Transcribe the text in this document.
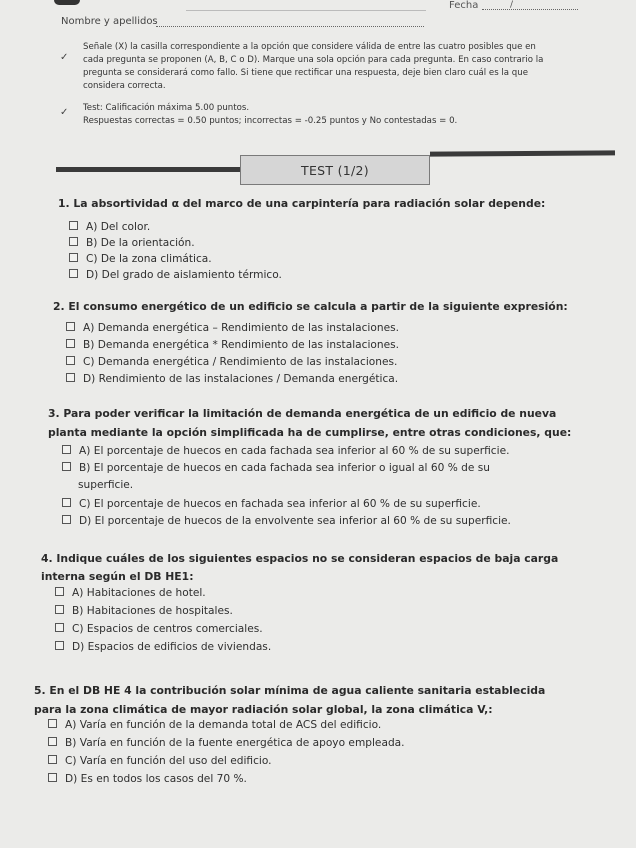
Nombre y apellidos
Fecha	/
✓
Señale (X) la casilla correspondiente a la opción que considere válida de entre las cuatro posibles que en
cada pregunta se proponen (A, B, C o D). Marque una sola opción para cada pregunta. En caso contrario la
pregunta se considerará como fallo. Si tiene que rectificar una respuesta, deje bien claro cuál es la que
considera correcta.
✓ Test: Calificación máxima 5.00 puntos.
Respuestas correctas = 0.50 puntos; incorrectas = -0.25 puntos y No contestadas = 0.
TEST (1/2)
1. La absortividad α del marco de una carpintería para radiación solar depende:
A) Del color.
B) De la orientación.
C) De la zona climática.
D) Del grado de aislamiento térmico.
2. El consumo energético de un edificio se calcula a partir de la siguiente expresión:
A) Demanda energética – Rendimiento de las instalaciones.
B) Demanda energética * Rendimiento de las instalaciones.
C) Demanda energética / Rendimiento de las instalaciones.
D) Rendimiento de las instalaciones / Demanda energética.
3. Para poder verificar la limitación de demanda energética de un edificio de nueva
planta mediante la opción simplificada ha de cumplirse, entre otras condiciones, que:
A) El porcentaje de huecos en cada fachada sea inferior al 60 % de su superficie.
B) El porcentaje de huecos en cada fachada sea inferior o igual al 60 % de su
superficie.
C) El porcentaje de huecos en fachada sea inferior al 60 % de su superficie.
D) El porcentaje de huecos de la envolvente sea inferior al 60 % de su superficie.
4. Indique cuáles de los siguientes espacios no se consideran espacios de baja carga
interna según el DB HE1:
A) Habitaciones de hotel.
B) Habitaciones de hospitales.
C) Espacios de centros comerciales.
D) Espacios de edificios de viviendas.
5. En el DB HE 4 la contribución solar mínima de agua caliente sanitaria establecida
para la zona climática de mayor radiación solar global, la zona climática V,:
A) Varía en función de la demanda total de ACS del edificio.
B) Varía en función de la fuente energética de apoyo empleada.
C) Varía en función del uso del edificio.
D) Es en todos los casos del 70 %.
